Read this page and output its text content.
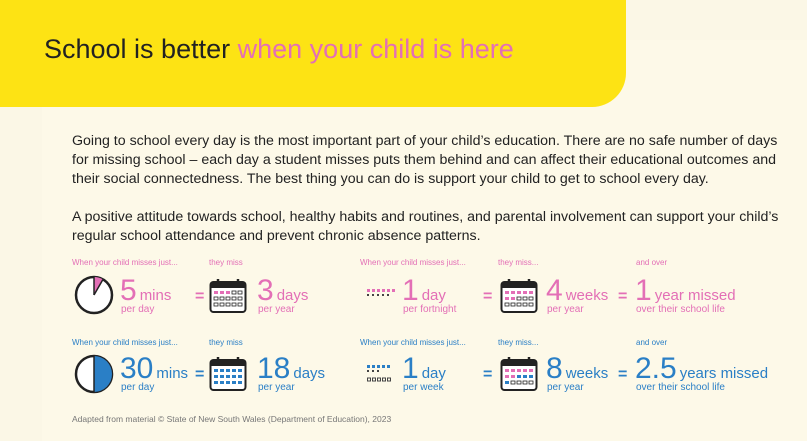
School is better when your child is here
Going to school every day is the most important part of your child’s education. There are no safe number of days for missing school – each day a student misses puts them behind and can affect their educational outcomes and their social connectedness. The best thing you can do is support your child to get to school every day.
A positive attitude towards school, healthy habits and routines, and parental involvement can support your child’s regular school attendance and prevent chronic absence patterns.
When your child misses just...	they miss
5 mins
per day
= 3 days
per year
When your child misses just...	they miss...	and over
1 day
per fortnight
= 4 weeks
per year
= 1 year missed
over their school life
When your child misses just...	they miss
30 mins
per day
= 18 days
per year
When your child misses just...	they miss...	and over
1 day
per week
= 8 weeks
per year
= 2.5 years missed
over their school life
Adapted from material © State of New South Wales (Department of Education), 2023
